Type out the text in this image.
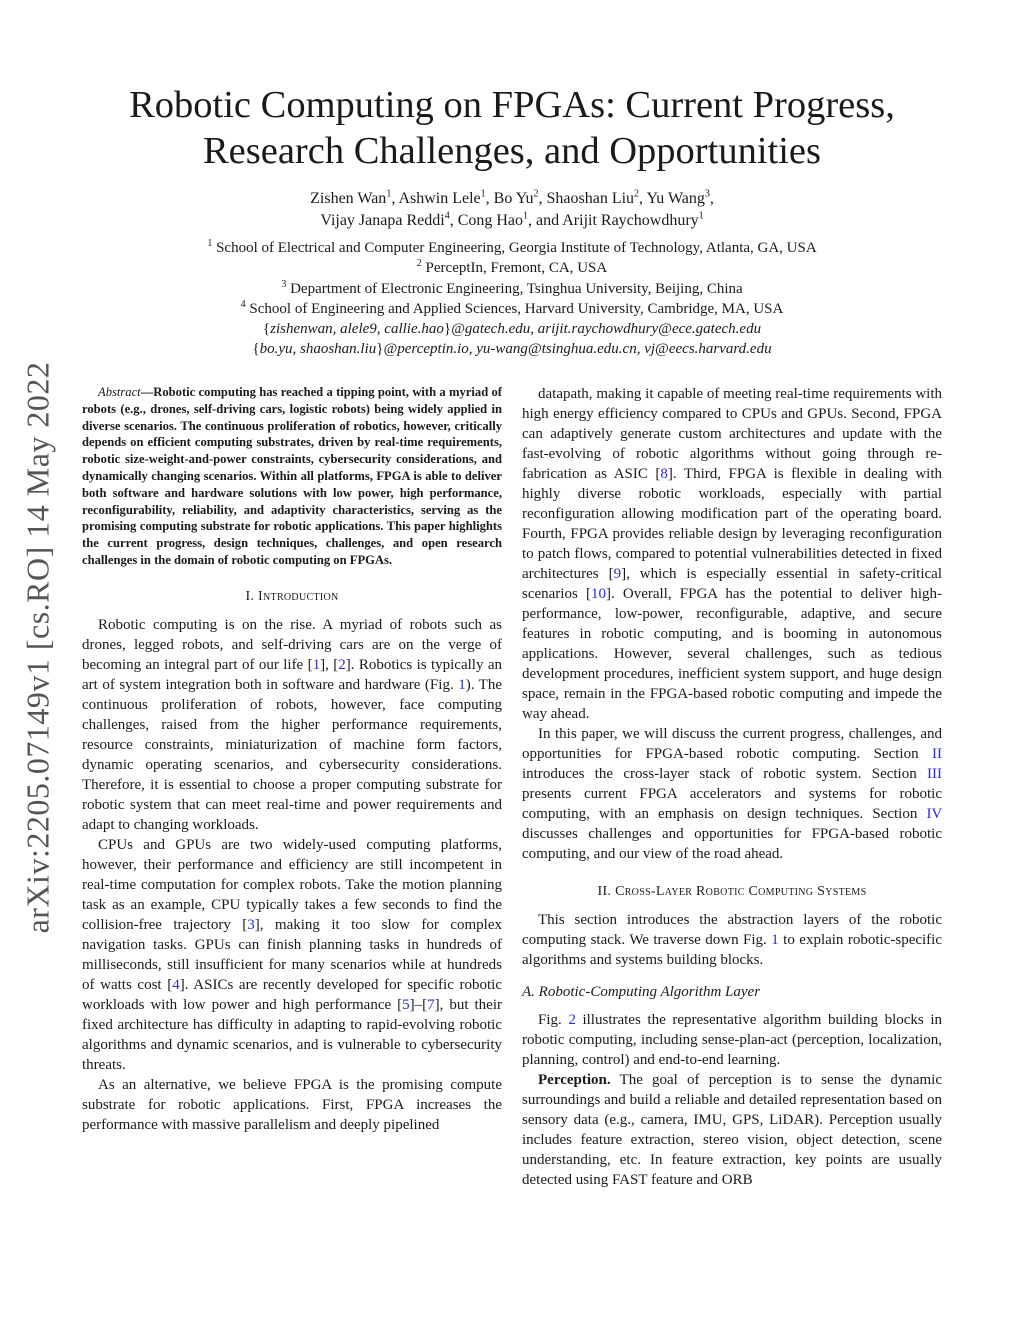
arXiv:2205.07149v1 [cs.RO] 14 May 2022
Robotic Computing on FPGAs: Current Progress,
Research Challenges, and Opportunities
Zishen Wan$^1$, Ashwin Lele$^1$, Bo Yu$^2$, Shaoshan Liu$^2$, Yu Wang$^3$,
Vijay Janapa Reddi$^4$, Cong Hao$^1$, and Arijit Raychowdhury$^1$
$^1$ School of Electrical and Computer Engineering, Georgia Institute of Technology, Atlanta, GA, USA
$^2$ PerceptIn, Fremont, CA, USA
$^3$ Department of Electronic Engineering, Tsinghua University, Beijing, China
$^4$ School of Engineering and Applied Sciences, Harvard University, Cambridge, MA, USA
{zishenwan, alele9, callie.hao}@gatech.edu, arijit.raychowdhury@ece.gatech.edu
{bo.yu, shaoshan.liu}@perceptin.io, yu-wang@tsinghua.edu.cn, vj@eecs.harvard.edu

Abstract—Robotic computing has reached a tipping point, with a myriad of robots (e.g., drones, self-driving cars, logistic robots) being widely applied in diverse scenarios. The continuous proliferation of robotics, however, critically depends on efficient computing substrates, driven by real-time requirements, robotic size-weight-and-power constraints, cybersecurity considerations, and dynamically changing scenarios. Within all platforms, FPGA is able to deliver both software and hardware solutions with low power, high performance, reconfigurability, reliability, and adaptivity characteristics, serving as the promising computing substrate for robotic applications. This paper highlights the current progress, design techniques, challenges, and open research challenges in the domain of robotic computing on FPGAs.

I. Introduction

Robotic computing is on the rise. A myriad of robots such as drones, legged robots, and self-driving cars are on the verge of becoming an integral part of our life [1], [2]. Robotics is typically an art of system integration both in software and hardware (Fig. 1). The continuous proliferation of robots, however, face computing challenges, raised from the higher performance requirements, resource constraints, miniaturization of machine form factors, dynamic operating scenarios, and cybersecurity considerations. Therefore, it is essential to choose a proper computing substrate for robotic system that can meet real-time and power requirements and adapt to changing workloads.

CPUs and GPUs are two widely-used computing platforms, however, their performance and efficiency are still incompetent in real-time computation for complex robots. Take the motion planning task as an example, CPU typically takes a few seconds to find the collision-free trajectory [3], making it too slow for complex navigation tasks. GPUs can finish planning tasks in hundreds of milliseconds, still insufficient for many scenarios while at hundreds of watts cost [4]. ASICs are recently developed for specific robotic workloads with low power and high performance [5]–[7], but their fixed architecture has difficulty in adapting to rapid-evolving robotic algorithms and dynamic scenarios, and is vulnerable to cybersecurity threats.

As an alternative, we believe FPGA is the promising compute substrate for robotic applications. First, FPGA increases the performance with massive parallelism and deeply pipelined

datapath, making it capable of meeting real-time requirements with high energy efficiency compared to CPUs and GPUs. Second, FPGA can adaptively generate custom architectures and update with the fast-evolving of robotic algorithms without going through re-fabrication as ASIC [8]. Third, FPGA is flexible in dealing with highly diverse robotic workloads, especially with partial reconfiguration allowing modification part of the operating board. Fourth, FPGA provides reliable design by leveraging reconfiguration to patch flows, compared to potential vulnerabilities detected in fixed architectures [9], which is especially essential in safety-critical scenarios [10]. Overall, FPGA has the potential to deliver high-performance, low-power, reconfigurable, adaptive, and secure features in robotic computing, and is booming in autonomous applications. However, several challenges, such as tedious development procedures, inefficient system support, and huge design space, remain in the FPGA-based robotic computing and impede the way ahead.

In this paper, we will discuss the current progress, challenges, and opportunities for FPGA-based robotic computing. Section II introduces the cross-layer stack of robotic system. Section III presents current FPGA accelerators and systems for robotic computing, with an emphasis on design techniques. Section IV discusses challenges and opportunities for FPGA-based robotic computing, and our view of the road ahead.

II. Cross-Layer Robotic Computing Systems

This section introduces the abstraction layers of the robotic computing stack. We traverse down Fig. 1 to explain robotic-specific algorithms and systems building blocks.

A. Robotic-Computing Algorithm Layer

Fig. 2 illustrates the representative algorithm building blocks in robotic computing, including sense-plan-act (perception, localization, planning, control) and end-to-end learning.

Perception. The goal of perception is to sense the dynamic surroundings and build a reliable and detailed representation based on sensory data (e.g., camera, IMU, GPS, LiDAR). Perception usually includes feature extraction, stereo vision, object detection, scene understanding, etc. In feature extraction, key points are usually detected using FAST feature and ORB
